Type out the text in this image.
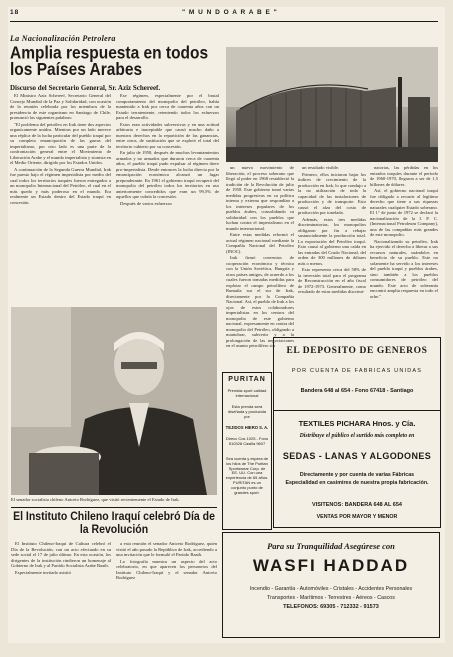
18	" M U N D O A R A B E "
La Nacionalización Petrolera
Amplia respuesta en todos los Países Arabes
Discurso del Secretario General, Sr. Aziz Schereef.

El Ministro Aziz Schereef, Secretario General del Consejo Mundial de la Paz y Solidaridad, con ocasión de la reunión celebrada por los miembros de la presidencia de este organismo en Santiago de Chile, pronunció las siguientes palabras:

"El problema del petróleo en Irak tiene dos aspectos organicamente unidos. Mientras por un lado merece una réplica de la lucha particular del pueblo iraquí por su completa emancipación de las garras del imperialismo, por otro lado es una parte de la confrontación general entre el Movimiento de Liberación Arabe y el mundo imperialista y sionista en el Medio Oriente, dirigido por los Estados Unidos.

A continuación de la Segunda Guerra Mundial, Irak fue puesto bajo el régimen imperialista por medio del cual todos los territorios iraquíes fueron entregados a un monopolio Internacional del Petróleo, el cual en el más quedo y más poderoso en el mundo. Era realmente un Estado dentro del Estado iraquí en concesión.

Ese régimen, especialmente por el brutal comportamiento del monopolio del petróleo, había mantenido a Irak por cerca de cuarenta años con un Estado terrateniente, reteniendo todos los esfuerzos para el desarrollo.

Estos eran actividades subversivas y en una actitud arbitraria e inaceptable que causó mucho daño a nuestros derechos en la repartición de las ganancias, entre otros, de sustitución que se explotó el total del territorio cubierto por su concesión.

En julio de 1958, después de muchos levantamientos armados y no armados que duraron cerca de cuarenta años, el pueblo iraquí pudo expulsar al régimen títere pro-imperialista. Desde entonces la lucha directa por la emancipación económica alcanzó un lugar preponderante. En 1961 el gobierno iraquí recuperó del monopolio del petróleo todos los territorios en uso anteriormente concedidos que eran un 99,5% de aquellos que cubría la concesión.

Después de varios esfuerzos

un nuevo movimiento de liberación, el proceso soberano que llegó al poder en 1968 restableció la tradición de la Revolución de julio de 1958. Este gobierno tomó varias medidas progresivas en su política interna y externa que respondían a los intereses populares de los pueblos árabes, consolidando su solidaridad con los pueblos que luchan contra el imperialismo en el mundo internacional.

Entre estas medidas reformó el actual régimen nacional mediante la Compañía Nacional del Petróleo (INOC).

Irak firmó convenios de cooperación económica y técnica con la Unión Soviética, Hungría y otros países amigos, de acuerdo a los cuales fueron tomadas medidas para explotar el campo petrolífero de Rumaila sur el sur de Irak, directamente por la Compañía Nacional. Así, el pueblo de Irak a los ojos de estos colaboradores imperialistas en los centros del monopolio de este gobierno nacional, expresamente en contra del monopolio del Petróleo, obligando a maniobrar, subvertir y a la prolongación de las negociaciones en el asunto petrolífero sin

un resultado visible.

Primero, ellos iniciaron bajar los índices de crecimiento de la producción en Irak, lo que condujo a la no utilización de toda la capacidad de las instalaciones de producción y de transporte. Esto causó el alza del costo de producción por tonelada.

Además, estos tres medidas discriminatorias, los monopolios obligaron por fin a rebajar sustancialmente la producción total. La exportación del Petróleo iraquí. Esto causó al gobierno una caída en las entradas del Crudo Nacional, del orden de 300 millones de dólares más o menos.

Esto representa cerca del 58% de la inversión total para el programa de Reconstrucción en el año fiscal de 1972-1973. Generalmente, como resultado de estas medidas discrimi-

natorias, las pérdidas en los entrados iraquíes durante el período de 1960-1970, llegaron a ser de 1,5 billones de dólares.

Así, el gobierno nacional iraquí fue obligado a recurrir al legítimo derecho que tiene a sus riquezas naturales cualquier Estado soberano. El 1° de junio de 1972 se declaró la nacionalización de la I. P. C. (Internacional Petroleum Company), una de las compañías más grandes de este monopolio.

Nacionalizando su petróleo, Irak ha ejercido el derecho a liberar a sus recursos naturales, usándolos en beneficio de su pueblo. Este no solamente ha servido a los intereses del pueblo iraquí y pueblos árabes, sino también a los pueblos consumidores de petróleo del mundo. Este acto de soberanía encontró amplia respuesta en todo el orbe."

El senador socialista chileno Aniceto Rodríguez, que visitó recientemente el Estado de Irak.
El Instituto Chileno Iraquí celebró Día de la Revolución

El Instituto Chileno-Iraquí de Cultura celebró el Día de la Revolución, con un acto efectuado en su sede social el 17 de julio último. En esta ocasión, los dirigentes de la institución rindieron un homenaje al Gobierno de Irak y al Partido Socialista Arabe Baath.

Especialmente invitado asistió

a esta reunión el senador Aniceto Rodríguez, quien visitó el año pasado la República de Irak, accediendo a una invitación que le formuló el Partido Baath.

Lo fotografía muestra un aspecto del acto celebratorio, en que aparecen los personeros del Instituto Chileno-Iraquí y el senador Aniceto Rodríguez

EL DEPOSITO DE GENEROS
POR CUENTA DE FABRICAS UNIDAS
Bandera 648 al 654 - Fono 67418 - Santiago
TEXTILES PICHARA Hnos. y Cía.
Distribuye el público el surtido más completo en
SEDAS - LANAS Y ALGODONES
Directamente y por cuenta de varias Fábricas
Especialidad en casimires de nuestra propia fabricación.
VISITENOS: BANDERA 648 AL 654
VENTAS POR MAYOR Y MENOR
PURITAN
Prendas sport calidad internacional
Esta prenda será diseñada y producida por
TEJIDOS HIERO S. A.
Direcc Cos 1025 - Fono 510328 Casilla 9607
Sea cuenta y espera de los hilos de The Puritan Sportswear Corp. de EE. UU. Con una experiencia de 65 años. PURITAN es un conjunto punto de grandes sport.
Para su Tranquilidad Asegúrese con
WASFI HADDAD
Incendio - Garantía - Automóviles - Cristales - Accidentes Personales
Transportes - Marítimos - Terrestres - Aéreos - Cascos
TELEFONOS: 69305 - 712332 - 91573
